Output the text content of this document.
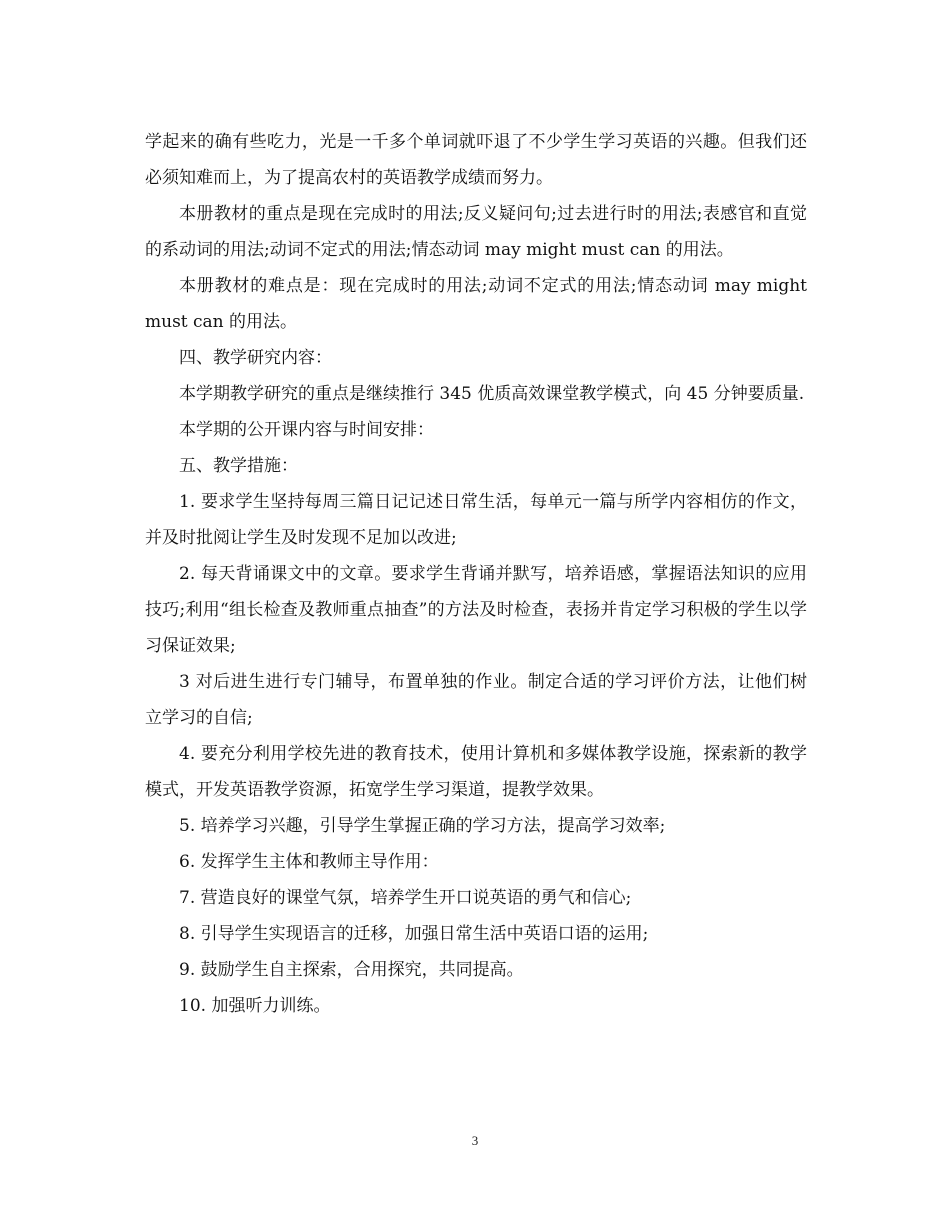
学起来的确有些吃力，光是一千多个单词就吓退了不少学生学习英语的兴趣。但我们还必须知难而上，为了提高农村的英语教学成绩而努力。

本册教材的重点是现在完成时的用法;反义疑问句;过去进行时的用法;表感官和直觉的系动词的用法;动词不定式的用法;情态动词 may might must can 的用法。

本册教材的难点是：现在完成时的用法;动词不定式的用法;情态动词 may might must can 的用法。

四、教学研究内容：

本学期教学研究的重点是继续推行 345 优质高效课堂教学模式，向 45 分钟要质量.

本学期的公开课内容与时间安排：

五、教学措施：

1. 要求学生坚持每周三篇日记记述日常生活，每单元一篇与所学内容相仿的作文，并及时批阅让学生及时发现不足加以改进;

2. 每天背诵课文中的文章。要求学生背诵并默写，培养语感，掌握语法知识的应用技巧;利用“组长检查及教师重点抽查”的方法及时检查，表扬并肯定学习积极的学生以学习保证效果;

3 对后进生进行专门辅导，布置单独的作业。制定合适的学习评价方法，让他们树立学习的自信;

4. 要充分利用学校先进的教育技术，使用计算机和多媒体教学设施，探索新的教学模式，开发英语教学资源，拓宽学生学习渠道，提教学效果。

5. 培养学习兴趣，引导学生掌握正确的学习方法，提高学习效率;

6. 发挥学生主体和教师主导作用：

7. 营造良好的课堂气氛，培养学生开口说英语的勇气和信心;

8. 引导学生实现语言的迁移，加强日常生活中英语口语的运用;

9. 鼓励学生自主探索，合用探究，共同提高。

10. 加强听力训练。

3
